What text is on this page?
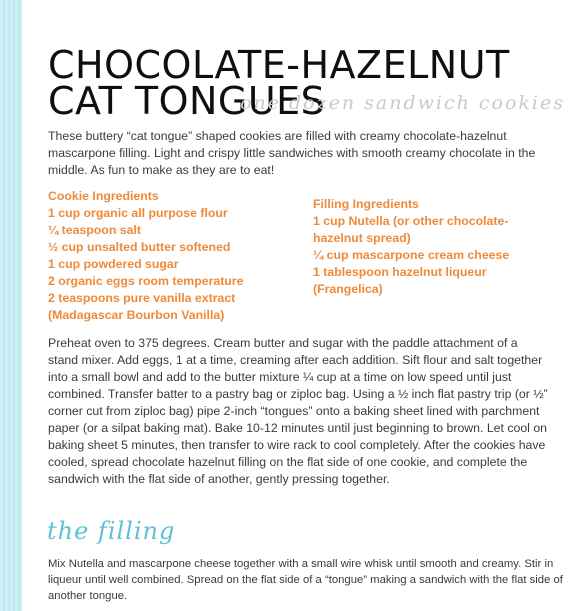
CHOCOLATE-HAZELNUT
CAT TONGUES
one dozen sandwich cookies

These buttery “cat tongue” shaped cookies are filled with creamy chocolate-hazelnut mascarpone filling. Light and crispy little sandwiches with smooth creamy chocolate in the middle. As fun to make as they are to eat!

Cookie Ingredients
1 cup organic all purpose flour
¼ teaspoon salt
½ cup unsalted butter softened
1 cup powdered sugar
2 organic eggs room temperature
2 teaspoons pure vanilla extract
(Madagascar Bourbon Vanilla)
Filling Ingredients
1 cup Nutella (or other chocolate-
hazelnut spread)
¼ cup mascarpone cream cheese
1 tablespoon hazelnut liqueur
(Frangelica)

Preheat oven to 375 degrees. Cream butter and sugar with the paddle attachment of a stand mixer. Add eggs, 1 at a time, creaming after each addition. Sift flour and salt together into a small bowl and add to the butter mixture ¼ cup at a time on low speed until just combined. Transfer batter to a pastry bag or ziploc bag. Using a ½ inch flat pastry trip (or ½” corner cut from ziploc bag) pipe 2-inch “tongues” onto a baking sheet lined with parchment paper (or a silpat baking mat). Bake 10-12 minutes until just beginning to brown. Let cool on baking sheet 5 minutes, then transfer to wire rack to cool completely. After the cookies have cooled, spread chocolate hazelnut filling on the flat side of one cookie, and complete the sandwich with the flat side of another, gently pressing together.

the filling

Mix Nutella and mascarpone cheese together with a small wire whisk until smooth and creamy. Stir in liqueur until well combined. Spread on the flat side of a “tongue” making a sandwich with the flat side of another tongue.
